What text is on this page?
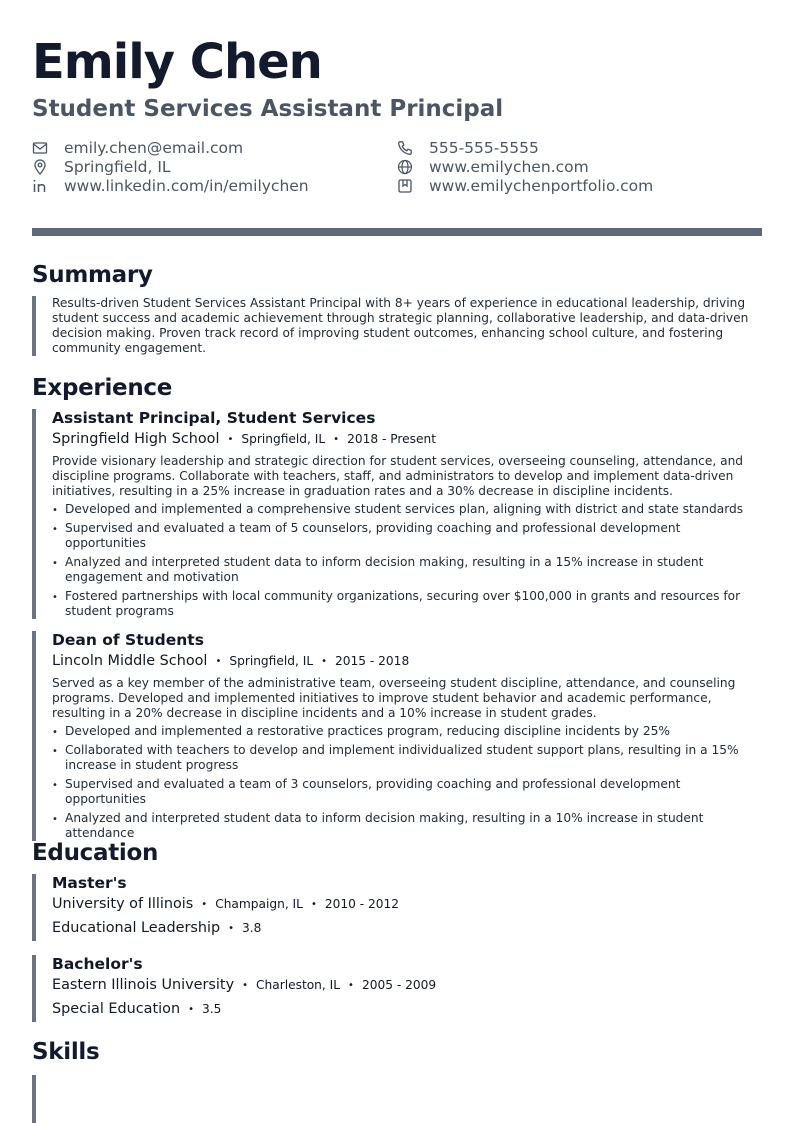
Emily Chen
Student Services Assistant Principal
emily.chen@email.com
Springfield, IL
www.linkedin.com/in/emilychen
555-555-5555
www.emilychen.com
www.emilychenportfolio.com
Summary
Results-driven Student Services Assistant Principal with 8+ years of experience in educational leadership, driving student success and academic achievement through strategic planning, collaborative leadership, and data-driven decision making. Proven track record of improving student outcomes, enhancing school culture, and fostering community engagement.
Experience
Assistant Principal, Student Services
Springfield High School • Springfield, IL • 2018 - Present
Provide visionary leadership and strategic direction for student services, overseeing counseling, attendance, and discipline programs. Collaborate with teachers, staff, and administrators to develop and implement data-driven initiatives, resulting in a 25% increase in graduation rates and a 30% decrease in discipline incidents.
• Developed and implemented a comprehensive student services plan, aligning with district and state standards
• Supervised and evaluated a team of 5 counselors, providing coaching and professional development opportunities
• Analyzed and interpreted student data to inform decision making, resulting in a 15% increase in student engagement and motivation
• Fostered partnerships with local community organizations, securing over $100,000 in grants and resources for student programs
Dean of Students
Lincoln Middle School • Springfield, IL • 2015 - 2018
Served as a key member of the administrative team, overseeing student discipline, attendance, and counseling programs. Developed and implemented initiatives to improve student behavior and academic performance, resulting in a 20% decrease in discipline incidents and a 10% increase in student grades.
• Developed and implemented a restorative practices program, reducing discipline incidents by 25%
• Collaborated with teachers to develop and implement individualized student support plans, resulting in a 15% increase in student progress
• Supervised and evaluated a team of 3 counselors, providing coaching and professional development opportunities
• Analyzed and interpreted student data to inform decision making, resulting in a 10% increase in student attendance
Education
Master's
University of Illinois • Champaign, IL • 2010 - 2012
Educational Leadership • 3.8
Bachelor's
Eastern Illinois University • Charleston, IL • 2005 - 2009
Special Education • 3.5
Skills
